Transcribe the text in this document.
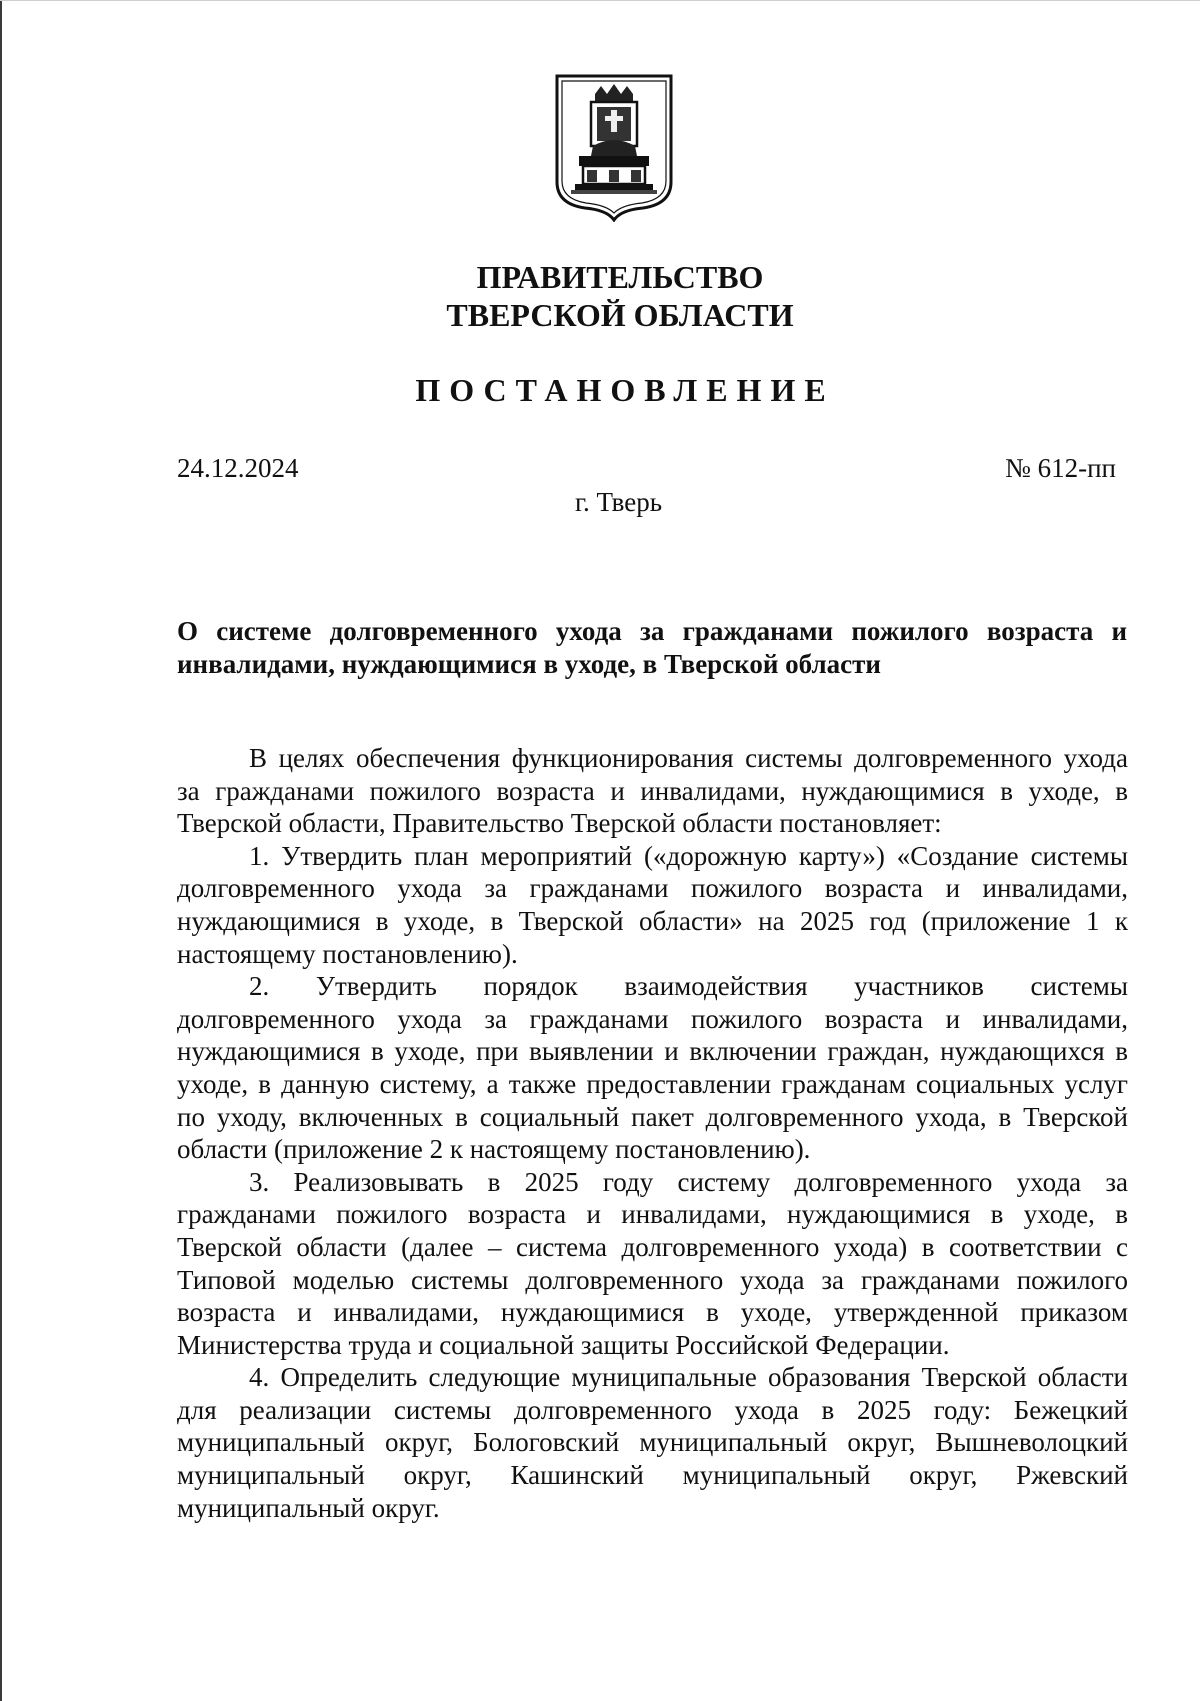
ПРАВИТЕЛЬСТВО
ТВЕРСКОЙ ОБЛАСТИ
ПОСТАНОВЛЕНИЕ
24.12.2024	№ 612-пп
г. Тверь
О системе долговременного ухода за гражданами пожилого возраста и инвалидами, нуждающимися в уходе, в Тверской области

В целях обеспечения функционирования системы долговременного ухода за гражданами пожилого возраста и инвалидами, нуждающимися в уходе, в Тверской области, Правительство Тверской области постановляет:

1. Утвердить план мероприятий («дорожную карту») «Создание системы долговременного ухода за гражданами пожилого возраста и инвалидами, нуждающимися в уходе, в Тверской области» на 2025 год (приложение 1 к настоящему постановлению).

2. Утвердить порядок взаимодействия участников системы долговременного ухода за гражданами пожилого возраста и инвалидами, нуждающимися в уходе, при выявлении и включении граждан, нуждающихся в уходе, в данную систему, а также предоставлении гражданам социальных услуг по уходу, включенных в социальный пакет долговременного ухода, в Тверской области (приложение 2 к настоящему постановлению).

3. Реализовывать в 2025 году систему долговременного ухода за гражданами пожилого возраста и инвалидами, нуждающимися в уходе, в Тверской области (далее – система долговременного ухода) в соответствии с Типовой моделью системы долговременного ухода за гражданами пожилого возраста и инвалидами, нуждающимися в уходе, утвержденной приказом Министерства труда и социальной защиты Российской Федерации.

4. Определить следующие муниципальные образования Тверской области для реализации системы долговременного ухода в 2025 году: Бежецкий муниципальный округ, Бологовский муниципальный округ, Вышневолоцкий муниципальный округ, Кашинский муниципальный округ, Ржевский муниципальный округ.
